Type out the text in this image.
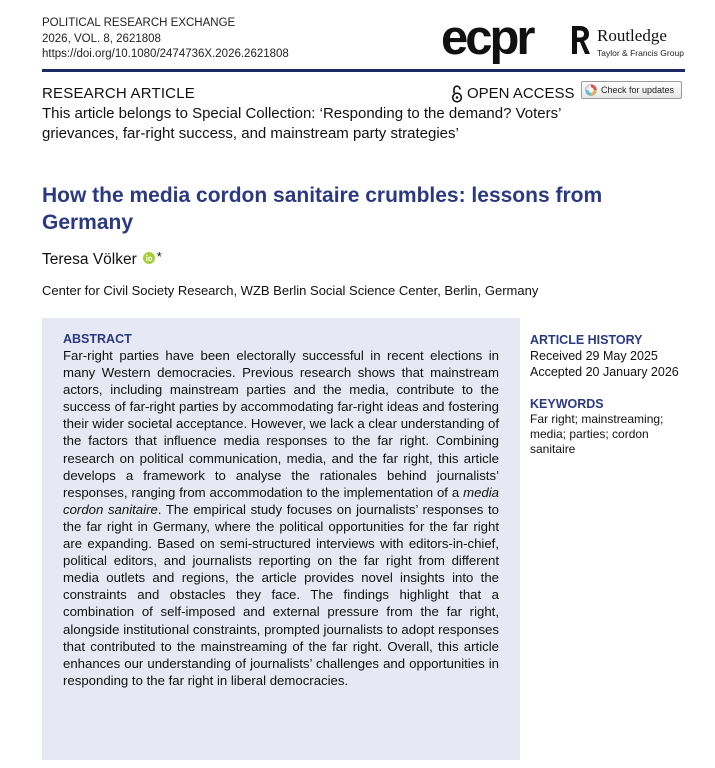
POLITICAL RESEARCH EXCHANGE
2026, VOL. 8, 2621808
https://doi.org/10.1080/2474736X.2026.2621808	ecpr	Routledge
Taylor & Francis Group
RESEARCH ARTICLE	OPEN ACCESS	Check for updates
This article belongs to Special Collection: ‘Responding to the demand? Voters’ grievances, far-right success, and mainstream party strategies’
How the media cordon sanitaire crumbles: lessons from Germany
Teresa Völker *
Center for Civil Society Research, WZB Berlin Social Science Center, Berlin, Germany
ABSTRACT

Far-right parties have been electorally successful in recent elections in many Western democracies. Previous research shows that mainstream actors, including mainstream parties and the media, contribute to the success of far-right parties by accommodating far-right ideas and fostering their wider societal acceptance. However, we lack a clear understanding of the factors that influence media responses to the far right. Combining research on political communication, media, and the far right, this article develops a framework to analyse the rationales behind journalists’ responses, ranging from accommodation to the implementation of a media cordon sanitaire. The empirical study focuses on journalists’ responses to the far right in Germany, where the political opportunities for the far right are expanding. Based on semi-structured interviews with editors-in-chief, political editors, and journalists reporting on the far right from different media outlets and regions, the article provides novel insights into the constraints and obstacles they face. The findings highlight that a combination of self-imposed and external pressure from the far right, alongside institutional constraints, prompted journalists to adopt responses that contributed to the mainstreaming of the far right. Overall, this article enhances our understanding of journalists’ challenges and opportunities in responding to the far right in liberal democracies.

ARTICLE HISTORY
Received 29 May 2025
Accepted 20 January 2026
KEYWORDS
Far right; mainstreaming; media; parties; cordon sanitaire
